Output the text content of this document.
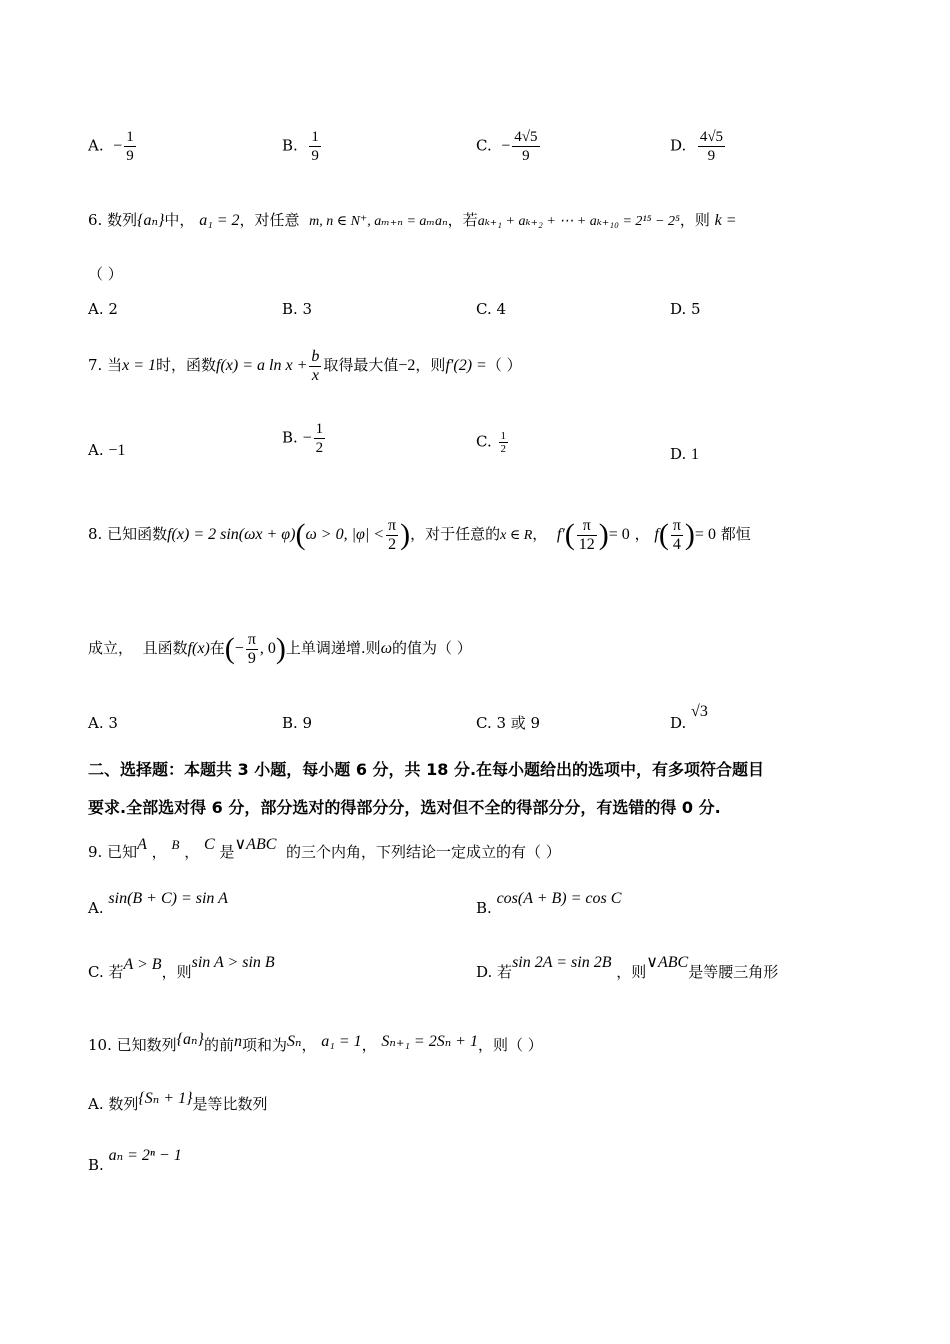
A. − $\frac{1}{9}$	B. $\frac{1}{9}$	C. − $\frac{4√5}{9}$	D. $\frac{4√5}{9}$
6. 数列{aₙ}中， a₁ = 2，对任意 m, n ∈ N⁺, aₘ₊ₙ = aₘaₙ，若aₖ₊₁ + aₖ₊₂ + ⋯ + aₖ₊₁₀ = 2¹⁵ − 2⁵，则 k =
（ ）
A. 2	B. 3	C. 4	D. 5
7. 当x = 1时，函数f(x) = a $\ln x + \frac{b}{x}$ 取得最大值−2，则f′(2) =（ ）
A. −1
B. − $\frac{1}{2}$	C. $\frac{1}{2}$	D. 1
8. 已知函数f(x) = 2 sin(ωx + φ)(ω > 0, $|\varphi| < \frac{\pi}{2}$ )，对于任意的x ∈ R， $f'( \frac{\pi}{12}$ )= 0 ， $f( \frac{\pi}{4}$ )= 0 都恒
成立， 且函数f(x)在(− $\frac{\pi}{9}$ , 0)上单调递增.则ω的值为（ ）
A. 3	B. 9	C. 3 或 9	D. √3
二、选择题：本题共 3 小题，每小题 6 分，共 18 分.在每小题给出的选项中，有多项符合题目
要求.全部选对得 6 分，部分选对的得部分分，选对但不全的得部分分，有选错的得 0 分.
9. 已知A ， B ， C 是∨ABC 的三个内角，下列结论一定成立的有（ ）
A. sin(B + C) = sin A
B. cos(A + B) = cos C
C. 若A > B，则sin A > sin B
D. 若sin 2A = sin 2B ，则∨ABC是等腰三角形
10. 已知数列{aₙ}的前n项和为Sₙ， a₁ = 1， Sₙ₊₁ = 2Sₙ + 1，则（ ）
A. 数列{Sₙ + 1}是等比数列
B. aₙ = 2ⁿ − 1
